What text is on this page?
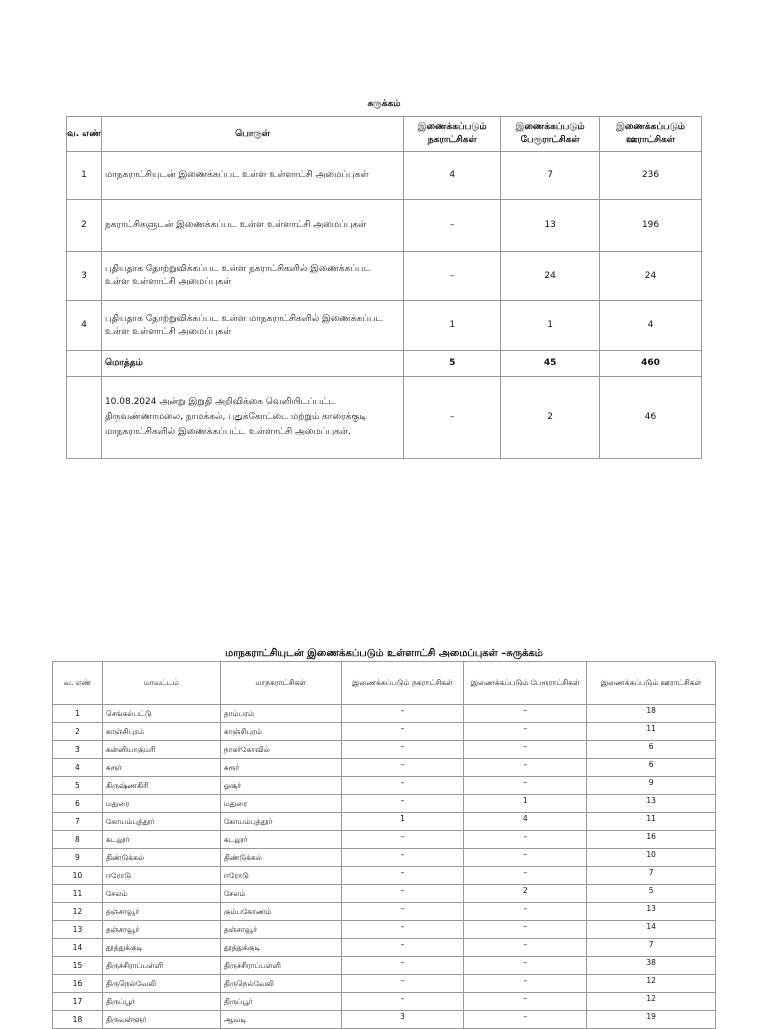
சுருக்கம்
வ. எண்	பொருள்	இணைக்கப்படும் நகராட்சிகள்	இணைக்கப்படும் பேரூராட்சிகள்	இணைக்கப்படும் ஊராட்சிகள்
1	மாநகராட்சியுடன் இணைக்கப்பட உள்ள உள்ளாட்சி அமைப்புகள்	4	7	236
2	நகராட்சிகளுடன் இணைக்கப்பட உள்ள உள்ளாட்சி அமைப்புகள்	–	13	196
3	புதியதாக தோற்றுவிக்கப்பட உள்ள நகராட்சிகளில் இணைக்கப்பட உள்ள உள்ளாட்சி அமைப்புகள்	–	24	24
4	புதியதாக தோற்றுவிக்கப்பட உள்ள மாநகராட்சிகளில் இணைக்கப்பட உள்ள உள்ளாட்சி அமைப்புகள்	1	1	4
	மொத்தம்	5	45	460
	10.08.2024 அன்று இறுதி அறிவிக்கை வெளியிடப்பட்ட திருவண்ணாமலை, நாமக்கல், புதுக்கோட்டை மற்றும் காரைக்குடி மாநகராட்சிகளில் இணைக்கப்பட்ட உள்ளாட்சி அமைப்புகள்.	–	2	46
மாநகராட்சியுடன் இணைக்கப்படும் உள்ளாட்சி அமைப்புகள் –சுருக்கம்
வ. எண்	மாவட்டம்	மாநகராட்சிகள்	இணைக்கப்படும் நகராட்சிகள்	இணைக்கப்படும் பேரூராட்சிகள்	இணைக்கப்படும் ஊராட்சிகள்
1	செங்கல்பட்டு	தாம்பரம்	–	–	18
2	காஞ்சிபுரம்	காஞ்சிபுரம்	–	–	11
3	கன்னியாகுமரி	நாகர்கோவில்	–	–	6
4	கரூர்	கரூர்	–	–	6
5	கிருஷ்ணகிரி	ஓசூர்	–	–	9
6	மதுரை	மதுரை	–	1	13
7	கோயம்புத்தூர்	கோயம்புத்தூர்	1	4	11
8	கடலூர்	கடலூர்	–	–	16
9	திண்டுக்கல்	திண்டுக்கல்	–	–	10
10	ஈரோடு	ஈரோடு	–	–	7
11	சேலம்	சேலம்	–	2	5
12	தஞ்சாவூர்	கும்பகோணம்	–	–	13
13	தஞ்சாவூர்	தஞ்சாவூர்	–	–	14
14	தூத்துக்குடி	தூத்துக்குடி	–	–	7
15	திருச்சிராப்பள்ளி	திருச்சிராப்பள்ளி	–	–	38
16	திருநெல்வேலி	திருநெல்வேலி	–	–	12
17	திருப்பூர்	திருப்பூர்	–	–	12
18	திருவள்ளூர்	ஆவடி	3	–	19
